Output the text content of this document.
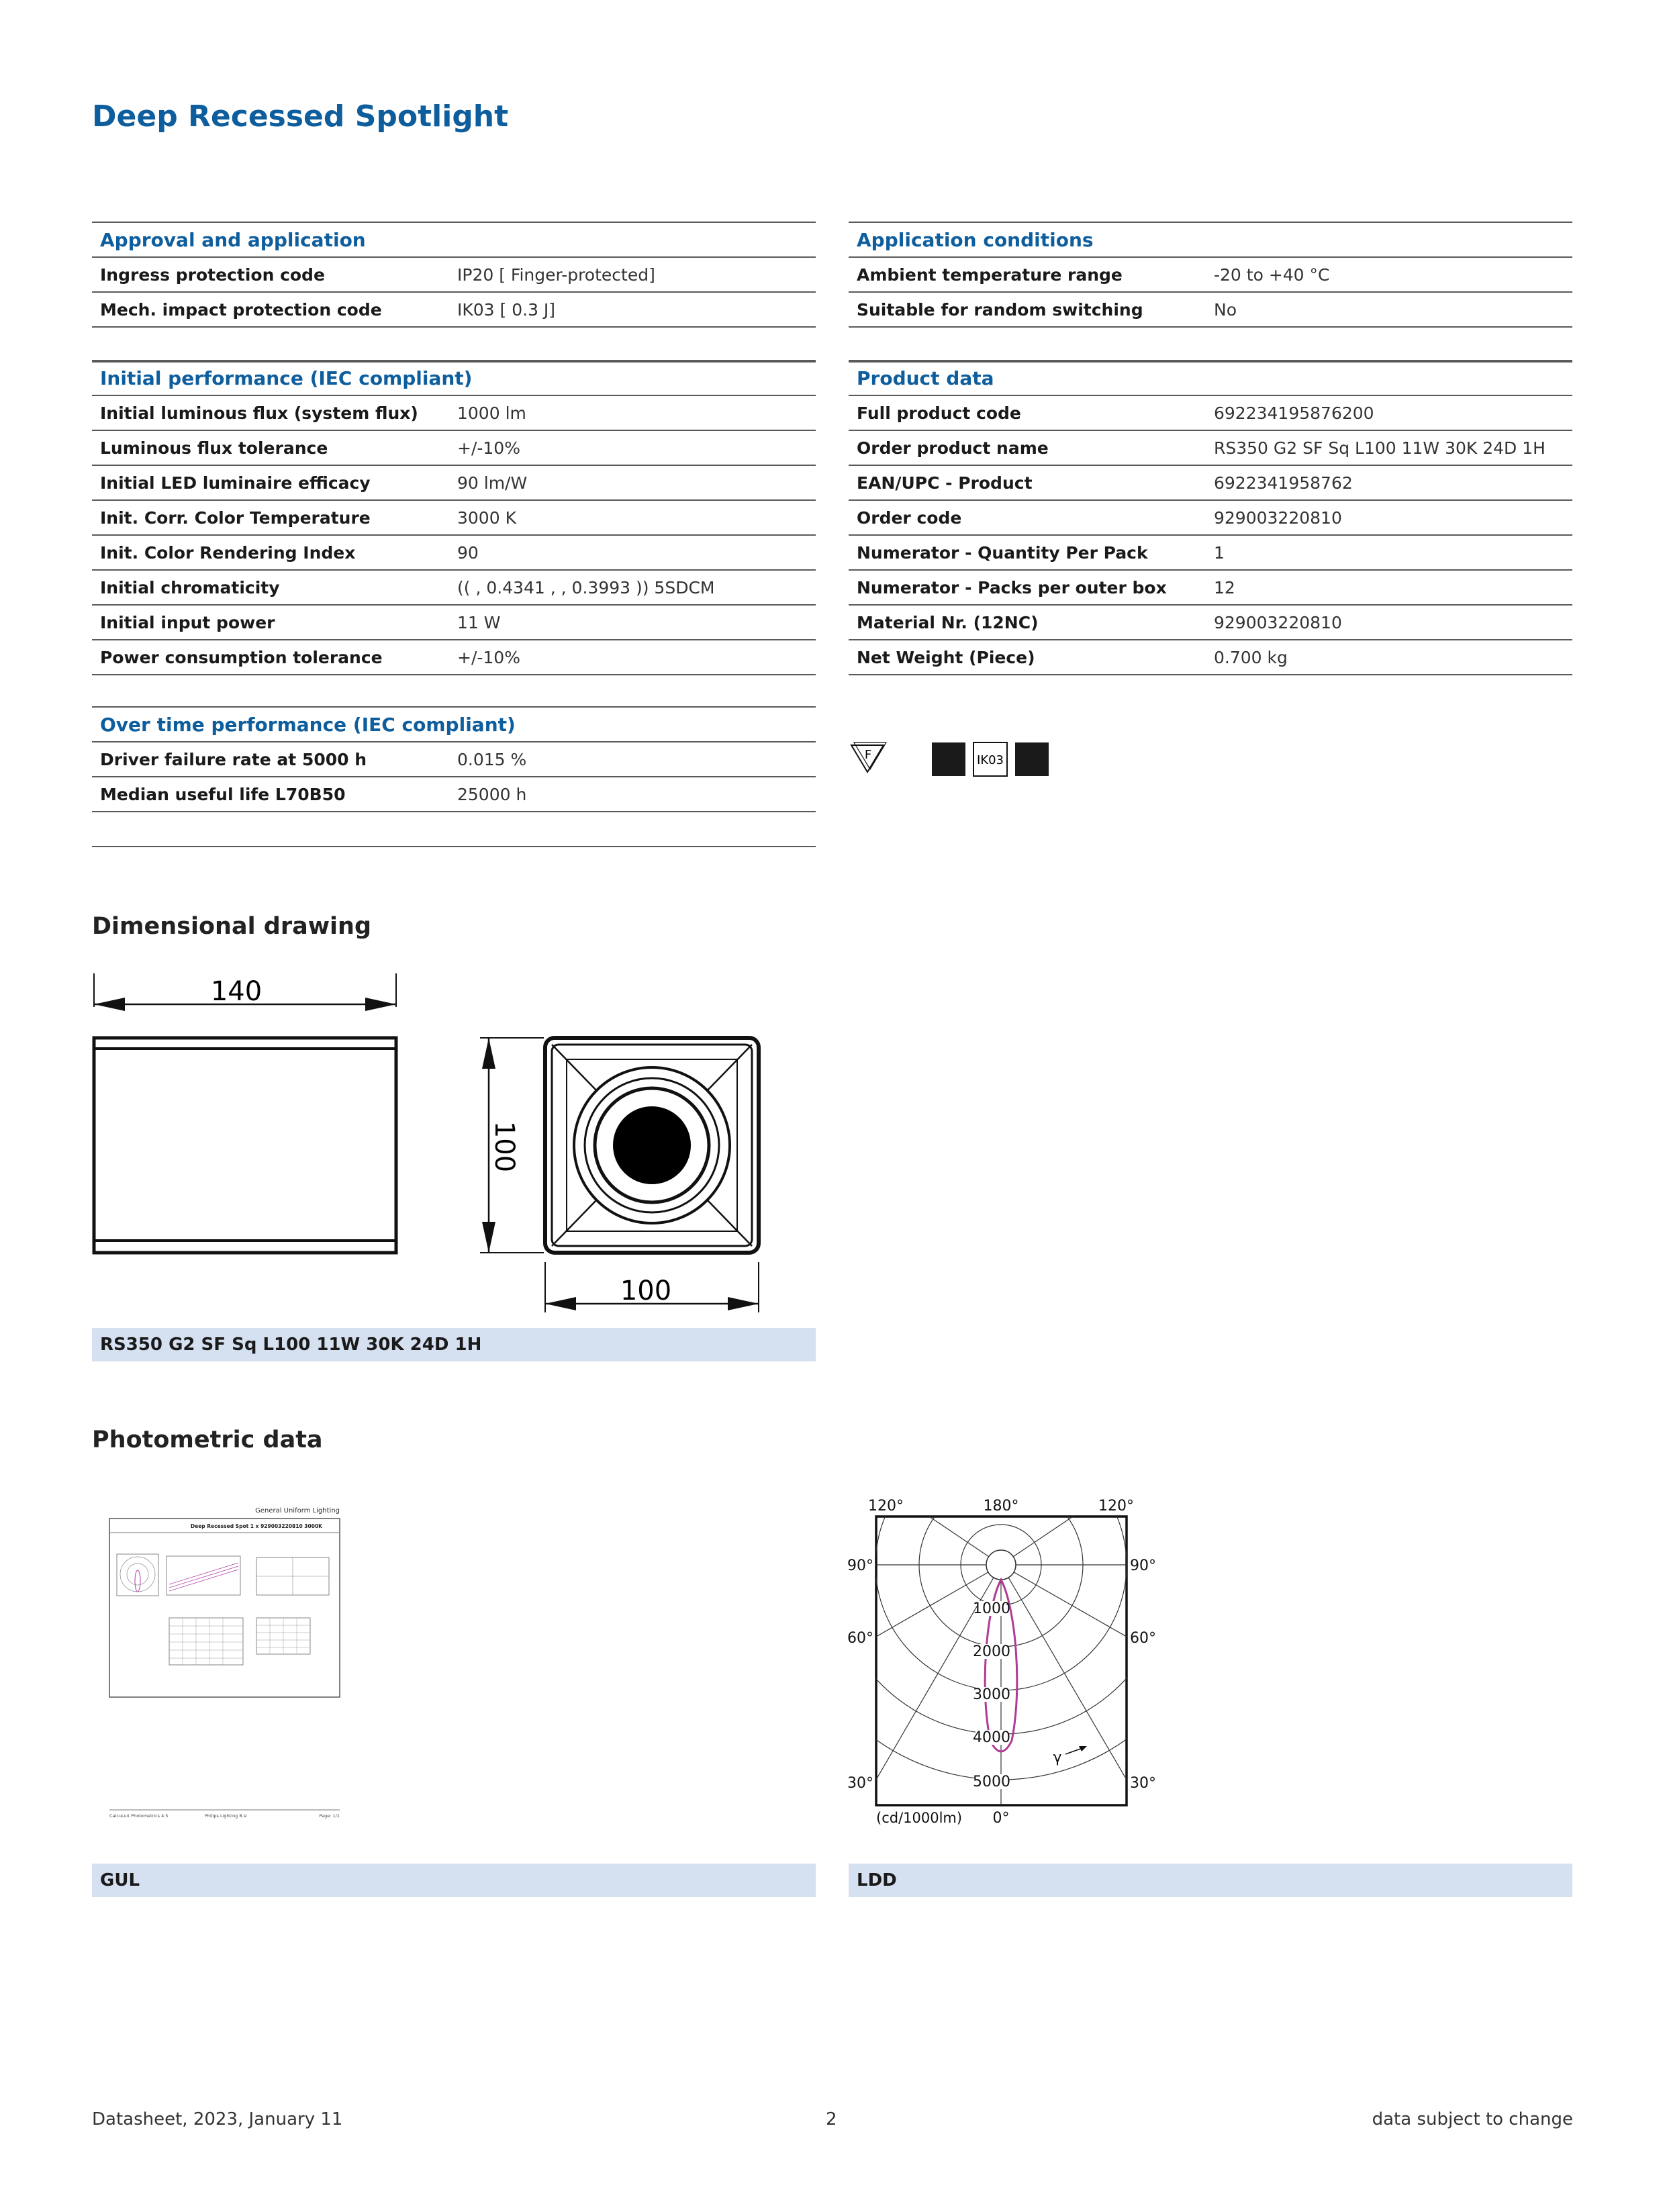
Deep Recessed Spotlight
Approval and application	
Ingress protection code	IP20 [ Finger-protected]
Mech. impact protection code	IK03 [ 0.3 J]

Initial performance (IEC compliant)	
Initial luminous flux (system flux)	1000 lm
Luminous flux tolerance	+/-10%
Initial LED luminaire efficacy	90 lm/W
Init. Corr. Color Temperature	3000 K
Init. Color Rendering Index	90
Initial chromaticity	(( , 0.4341 , , 0.3993 )) 5SDCM
Initial input power	11 W
Power consumption tolerance	+/-10%
Over time performance (IEC compliant)	
Driver failure rate at 5000 h	0.015 %
Median useful life L70B50	25000 h

Application conditions	
Ambient temperature range	-20 to +40 °C
Suitable for random switching	No

Product data	
Full product code	692234195876200
Order product name	RS350 G2 SF Sq L100 11W 30K 24D 1H
EAN/UPC - Product	6922341958762
Order code	929003220810
Numerator - Quantity Per Pack	1
Numerator - Packs per outer box	12
Material Nr. (12NC)	929003220810
Net Weight (Piece)	0.700 kg
F	IK03
Dimensional drawing
140
100
100
RS350 G2 SF Sq L100 11W 30K 24D 1H
Photometric data
General Uniform Lighting
Deep Recessed Spot 1 x 929003220810 3000K
CalcuLuX Photometrics 4.5	Philips Lighting B.V.	Page: 1/1
1000
2000
3000
4000
5000
120°	180°	120°
90°	90°
60°	60°
30°	30°
0°
(cd/1000lm)
γ
GUL	LDD
Datasheet, 2023, January 11	2	data subject to change
